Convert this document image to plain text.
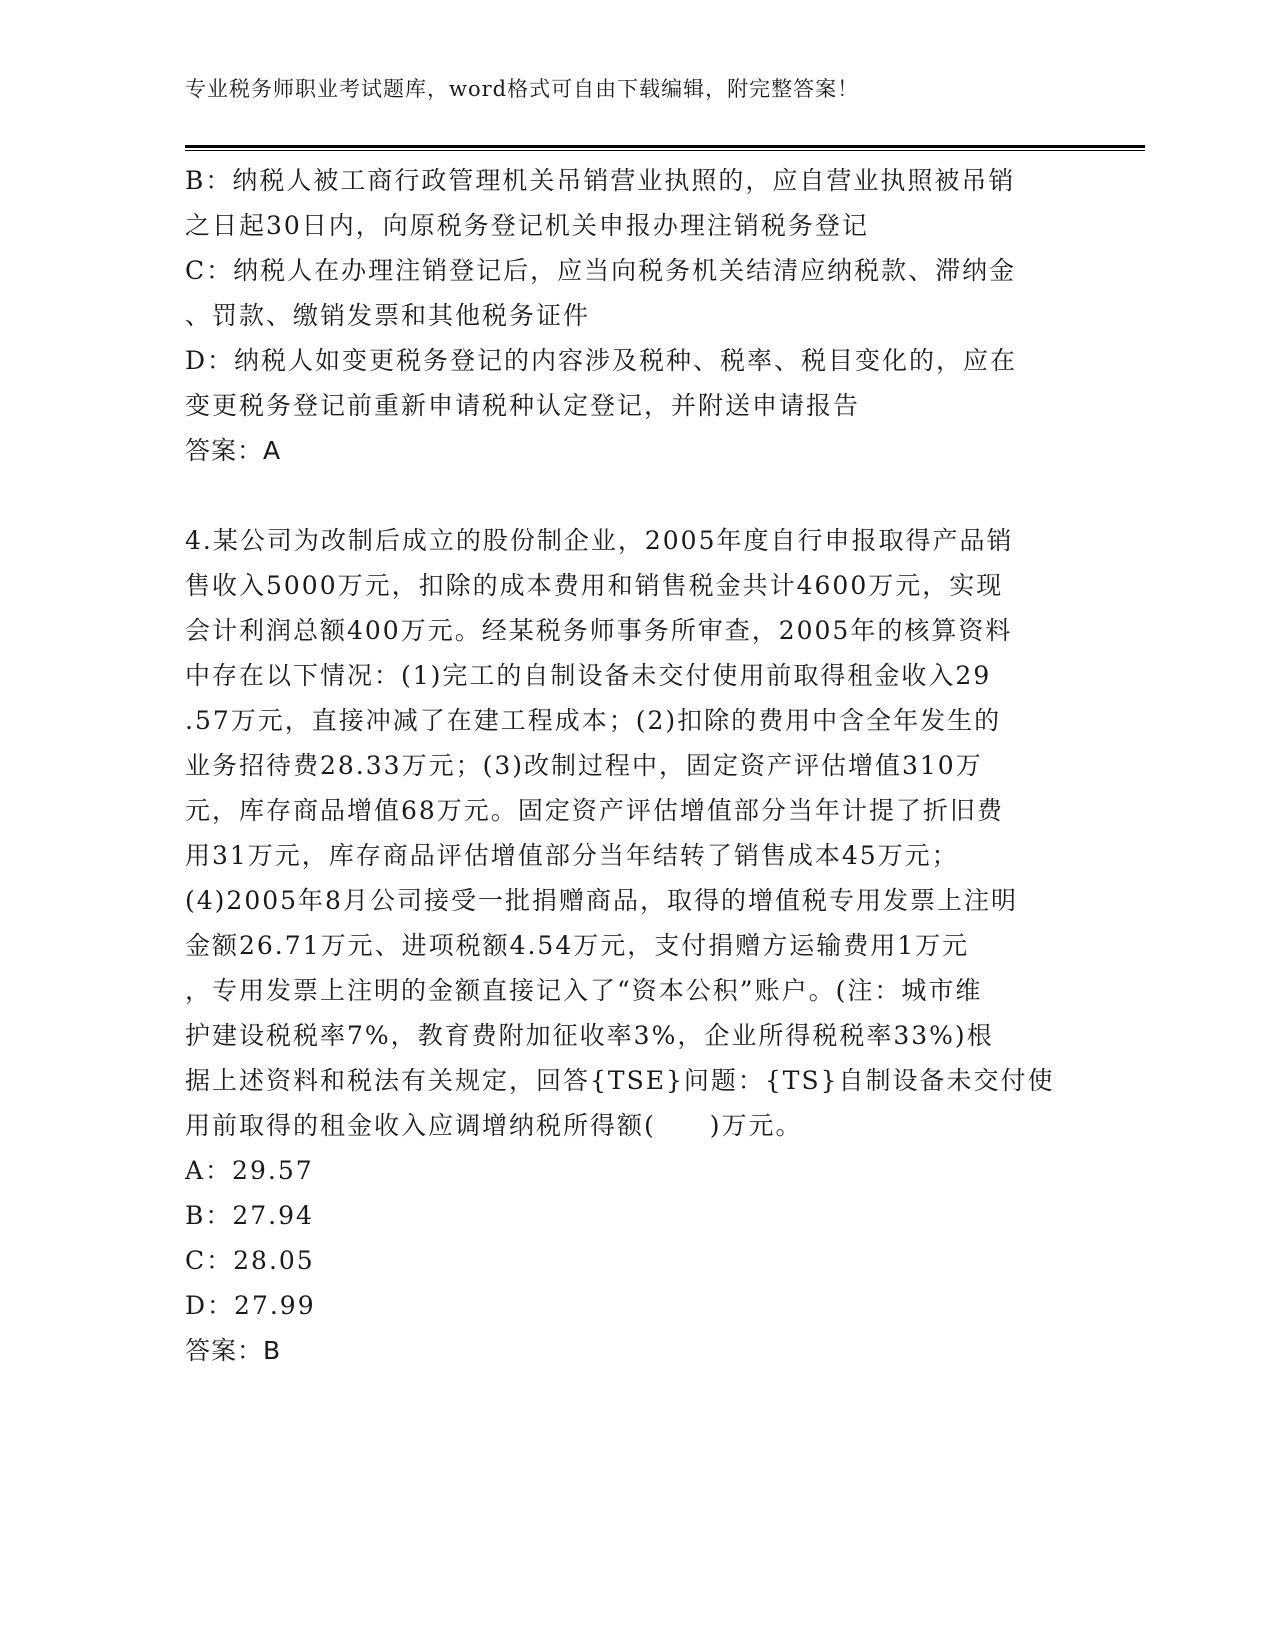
专业税务师职业考试题库，word格式可自由下载编辑，附完整答案！
B：纳税人被工商行政管理机关吊销营业执照的，应自营业执照被吊销
之日起30日内，向原税务登记机关申报办理注销税务登记
C：纳税人在办理注销登记后，应当向税务机关结清应纳税款、滞纳金
、罚款、缴销发票和其他税务证件
D：纳税人如变更税务登记的内容涉及税种、税率、税目变化的，应在
变更税务登记前重新申请税种认定登记，并附送申请报告
答案：A
4.某公司为改制后成立的股份制企业，2005年度自行申报取得产品销
售收入5000万元，扣除的成本费用和销售税金共计4600万元，实现
会计利润总额400万元。经某税务师事务所审查，2005年的核算资料
中存在以下情况：(1)完工的自制设备未交付使用前取得租金收入29
.57万元，直接冲减了在建工程成本；(2)扣除的费用中含全年发生的
业务招待费28.33万元；(3)改制过程中，固定资产评估增值310万
元，库存商品增值68万元。固定资产评估增值部分当年计提了折旧费
用31万元，库存商品评估增值部分当年结转了销售成本45万元；
(4)2005年8月公司接受一批捐赠商品，取得的增值税专用发票上注明
金额26.71万元、进项税额4.54万元，支付捐赠方运输费用1万元
，专用发票上注明的金额直接记入了“资本公积”账户。(注：城市维
护建设税税率7%，教育费附加征收率3%，企业所得税税率33%)根
据上述资料和税法有关规定，回答{TSE}问题：{TS}自制设备未交付使
用前取得的租金收入应调增纳税所得额(　　)万元。
A：29.57
B：27.94
C：28.05
D：27.99
答案：B
